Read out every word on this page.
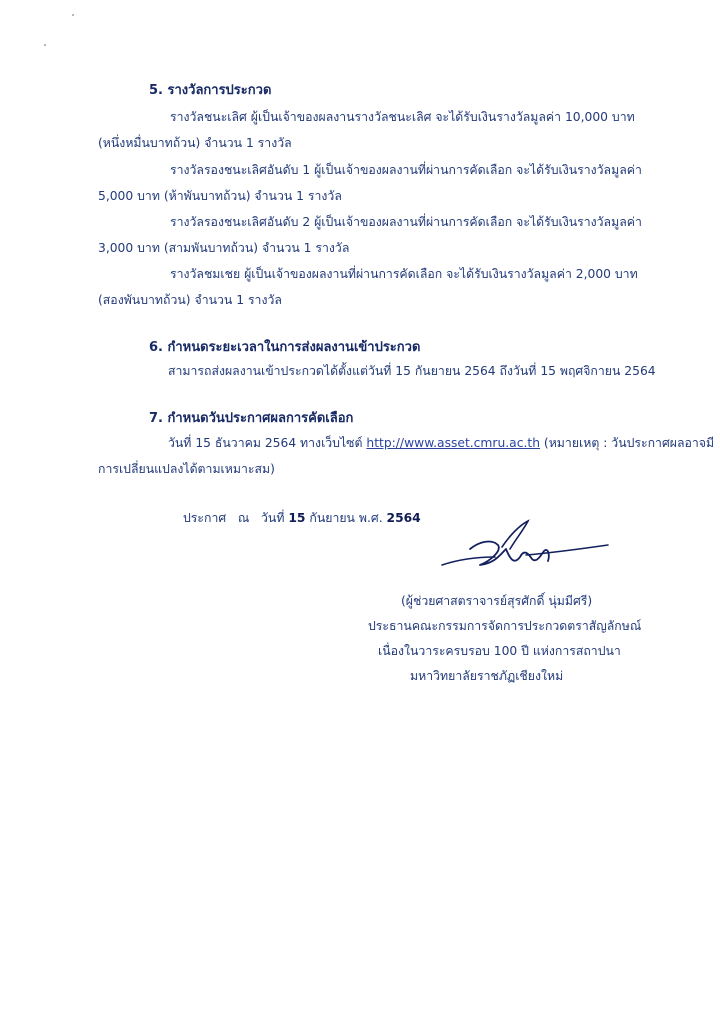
5. รางวัลการประกวด
รางวัลชนะเลิศ ผู้เป็นเจ้าของผลงานรางวัลชนะเลิศ จะได้รับเงินรางวัลมูลค่า 10,000 บาท
(หนึ่งหมื่นบาทถ้วน) จำนวน 1 รางวัล
รางวัลรองชนะเลิศอันดับ 1 ผู้เป็นเจ้าของผลงานที่ผ่านการคัดเลือก จะได้รับเงินรางวัลมูลค่า
5,000 บาท (ห้าพันบาทถ้วน) จำนวน 1 รางวัล
รางวัลรองชนะเลิศอันดับ 2 ผู้เป็นเจ้าของผลงานที่ผ่านการคัดเลือก จะได้รับเงินรางวัลมูลค่า
3,000 บาท (สามพันบาทถ้วน) จำนวน 1 รางวัล
รางวัลชมเชย ผู้เป็นเจ้าของผลงานที่ผ่านการคัดเลือก จะได้รับเงินรางวัลมูลค่า 2,000 บาท
(สองพันบาทถ้วน) จำนวน 1 รางวัล
6. กำหนดระยะเวลาในการส่งผลงานเข้าประกวด
สามารถส่งผลงานเข้าประกวดได้ตั้งแต่วันที่ 15 กันยายน 2564 ถึงวันที่ 15 พฤศจิกายน 2564
7. กำหนดวันประกาศผลการคัดเลือก
วันที่ 15 ธันวาคม 2564 ทางเว็บไซต์ http://www.asset.cmru.ac.th (หมายเหตุ : วันประกาศผลอาจมี
การเปลี่ยนแปลงได้ตามเหมาะสม)
ประกาศ   ณ   วันที่ 15 กันยายน พ.ศ. 2564
(ผู้ช่วยศาสตราจารย์สุรศักดิ์ นุ่มมีศรี)
ประธานคณะกรรมการจัดการประกวดตราสัญลักษณ์
เนื่องในวาระครบรอบ 100 ปี แห่งการสถาปนา
มหาวิทยาลัยราชภัฏเชียงใหม่
